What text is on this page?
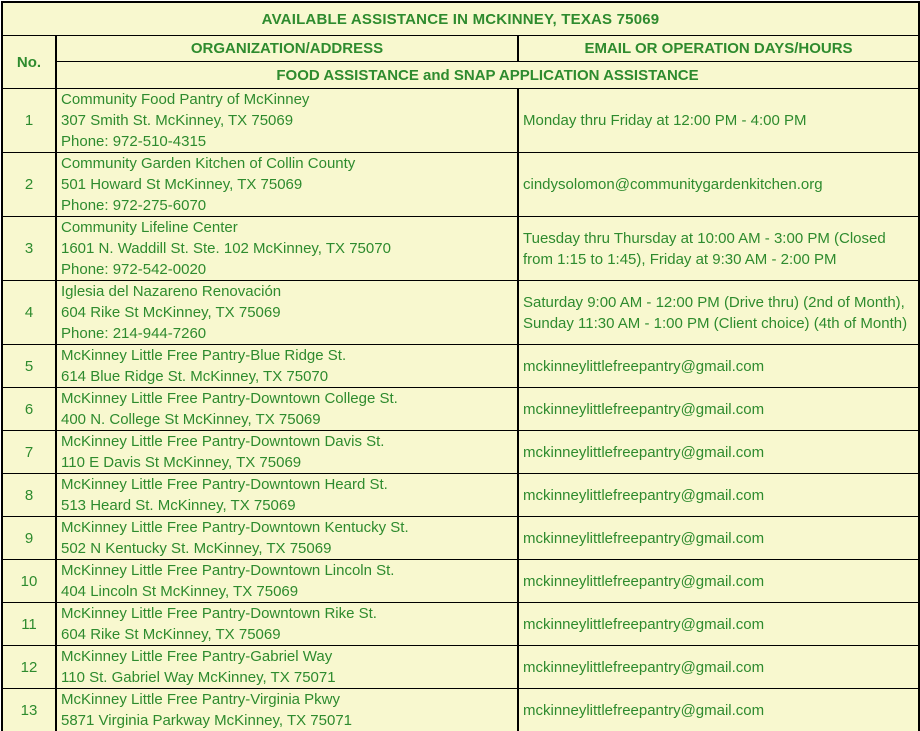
AVAILABLE ASSISTANCE IN MCKINNEY, TEXAS 75069		
No.	ORGANIZATION/ADDRESS	EMAIL OR OPERATION DAYS/HOURS
	FOOD ASSISTANCE and SNAP APPLICATION ASSISTANCE	
1	Community Food Pantry of McKinney
307 Smith St. McKinney, TX 75069
Phone: 972-510-4315	Monday thru Friday at 12:00 PM - 4:00 PM
2	Community Garden Kitchen of Collin County
501 Howard St McKinney, TX 75069
Phone: 972-275-6070	cindysolomon@communitygardenkitchen.org
3	Community Lifeline Center
1601 N. Waddill St. Ste. 102 McKinney, TX 75070
Phone: 972-542-0020	Tuesday thru Thursday at 10:00 AM - 3:00 PM (Closed from 1:15 to 1:45), Friday at 9:30 AM - 2:00 PM
4	Iglesia del Nazareno Renovación
604 Rike St McKinney, TX 75069
Phone: 214-944-7260	Saturday 9:00 AM - 12:00 PM (Drive thru) (2nd of Month), Sunday 11:30 AM - 1:00 PM (Client choice) (4th of Month)
5	McKinney Little Free Pantry-Blue Ridge St.
614 Blue Ridge St. McKinney, TX 75070	mckinneylittlefreepantry@gmail.com
6	McKinney Little Free Pantry-Downtown College St.
400 N. College St McKinney, TX 75069	mckinneylittlefreepantry@gmail.com
7	McKinney Little Free Pantry-Downtown Davis St.
110 E Davis St McKinney, TX 75069	mckinneylittlefreepantry@gmail.com
8	McKinney Little Free Pantry-Downtown Heard St.
513 Heard St. McKinney, TX 75069	mckinneylittlefreepantry@gmail.com
9	McKinney Little Free Pantry-Downtown Kentucky St.
502 N Kentucky St. McKinney, TX 75069	mckinneylittlefreepantry@gmail.com
10	McKinney Little Free Pantry-Downtown Lincoln St.
404 Lincoln St McKinney, TX 75069	mckinneylittlefreepantry@gmail.com
11	McKinney Little Free Pantry-Downtown Rike St.
604 Rike St McKinney, TX 75069	mckinneylittlefreepantry@gmail.com
12	McKinney Little Free Pantry-Gabriel Way
110 St. Gabriel Way McKinney, TX 75071	mckinneylittlefreepantry@gmail.com
13	McKinney Little Free Pantry-Virginia Pkwy
5871 Virginia Parkway McKinney, TX 75071	mckinneylittlefreepantry@gmail.com
